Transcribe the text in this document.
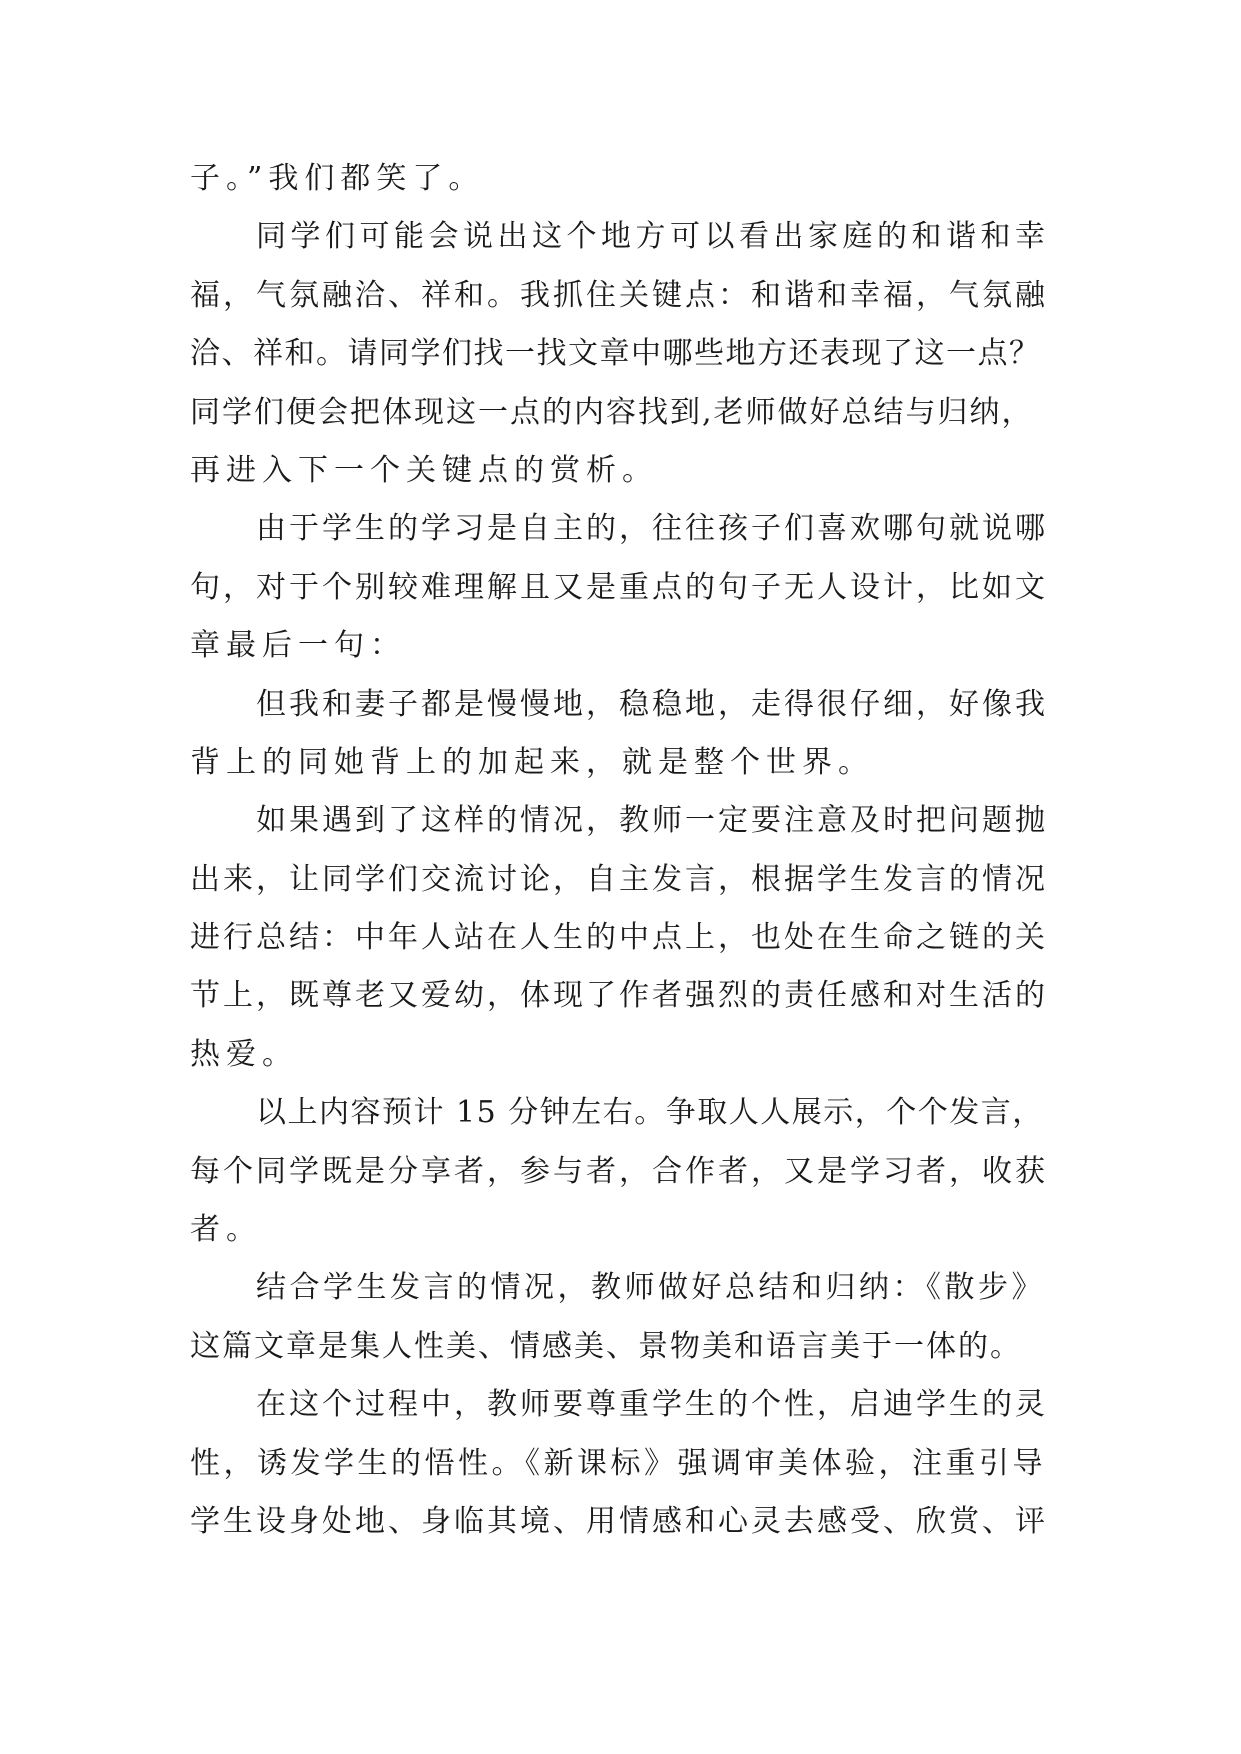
子。”我们都笑了。
同学们可能会说出这个地方可以看出家庭的和谐和幸
福，气氛融洽、祥和。我抓住关键点：和谐和幸福，气氛融
洽、祥和。请同学们找一找文章中哪些地方还表现了这一点？
同学们便会把体现这一点的内容找到,老师做好总结与归纳，
再进入下一个关键点的赏析。
由于学生的学习是自主的，往往孩子们喜欢哪句就说哪
句，对于个别较难理解且又是重点的句子无人设计，比如文
章最后一句：
但我和妻子都是慢慢地，稳稳地，走得很仔细，好像我
背上的同她背上的加起来，就是整个世界。
如果遇到了这样的情况，教师一定要注意及时把问题抛
出来，让同学们交流讨论，自主发言，根据学生发言的情况
进行总结：中年人站在人生的中点上，也处在生命之链的关
节上，既尊老又爱幼，体现了作者强烈的责任感和对生活的
热爱。
以上内容预计 15 分钟左右。争取人人展示，个个发言，
每个同学既是分享者，参与者，合作者，又是学习者，收获
者。
结合学生发言的情况，教师做好总结和归纳：《散步》
这篇文章是集人性美、情感美、景物美和语言美于一体的。
在这个过程中，教师要尊重学生的个性，启迪学生的灵
性，诱发学生的悟性。《新课标》强调审美体验，注重引导
学生设身处地、身临其境、用情感和心灵去感受、欣赏、评
